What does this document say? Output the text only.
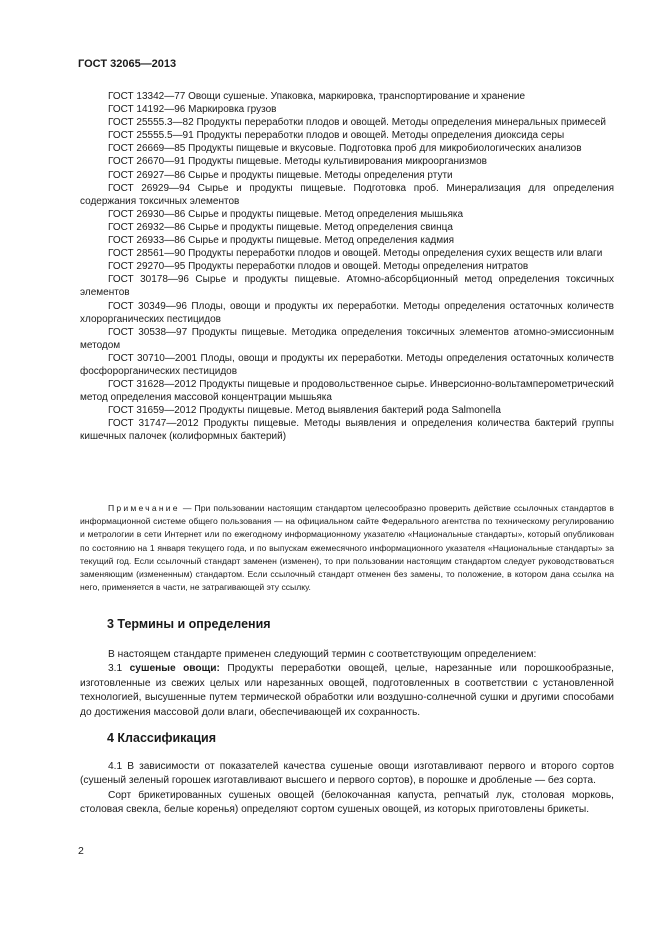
ГОСТ 32065—2013
ГОСТ 13342—77 Овощи сушеные. Упаковка, маркировка, транспортирование и хранение
ГОСТ 14192—96 Маркировка грузов
ГОСТ 25555.3—82 Продукты переработки плодов и овощей. Методы определения минеральных примесей
ГОСТ 25555.5—91 Продукты переработки плодов и овощей. Методы определения диоксида серы
ГОСТ 26669—85 Продукты пищевые и вкусовые. Подготовка проб для микробиологических анализов
ГОСТ 26670—91 Продукты пищевые. Методы культивирования микроорганизмов
ГОСТ 26927—86 Сырье и продукты пищевые. Методы определения ртути
ГОСТ 26929—94 Сырье и продукты пищевые. Подготовка проб. Минерализация для определения содержания токсичных элементов
ГОСТ 26930—86 Сырье и продукты пищевые. Метод определения мышьяка
ГОСТ 26932—86 Сырье и продукты пищевые. Метод определения свинца
ГОСТ 26933—86 Сырье и продукты пищевые. Метод определения кадмия
ГОСТ 28561—90 Продукты переработки плодов и овощей. Методы определения сухих веществ или влаги
ГОСТ 29270—95 Продукты переработки плодов и овощей. Методы определения нитратов
ГОСТ 30178—96 Сырье и продукты пищевые. Атомно-абсорбционный метод определения токсичных элементов
ГОСТ 30349—96 Плоды, овощи и продукты их переработки. Методы определения остаточных количеств хлорорганических пестицидов
ГОСТ 30538—97 Продукты пищевые. Методика определения токсичных элементов атомно-эмиссионным методом
ГОСТ 30710—2001 Плоды, овощи и продукты их переработки. Методы определения остаточных количеств фосфорорганических пестицидов
ГОСТ 31628—2012 Продукты пищевые и продовольственное сырье. Инверсионно-вольтамперометрический метод определения массовой концентрации мышьяка
ГОСТ 31659—2012 Продукты пищевые. Метод выявления бактерий рода Salmonella
ГОСТ 31747—2012 Продукты пищевые. Методы выявления и определения количества бактерий группы кишечных палочек (колиформных бактерий)
Примечание — При пользовании настоящим стандартом целесообразно проверить действие ссылочных стандартов в информационной системе общего пользования — на официальном сайте Федерального агентства по техническому регулированию и метрологии в сети Интернет или по ежегодному информационному указателю «Национальные стандарты», который опубликован по состоянию на 1 января текущего года, и по выпускам ежемесячного информационного указателя «Национальные стандарты» за текущий год. Если ссылочный стандарт заменен (изменен), то при пользовании настоящим стандартом следует руководствоваться заменяющим (измененным) стандартом. Если ссылочный стандарт отменен без замены, то положение, в котором дана ссылка на него, применяется в части, не затрагивающей эту ссылку.
3 Термины и определения

В настоящем стандарте применен следующий термин с соответствующим определением:

3.1 сушеные овощи: Продукты переработки овощей, целые, нарезанные или порошкообразные, изготовленные из свежих целых или нарезанных овощей, подготовленных в соответствии с установленной технологией, высушенные путем термической обработки или воздушно-солнечной сушки и другими способами до достижения массовой доли влаги, обеспечивающей их сохранность.

4 Классификация

4.1 В зависимости от показателей качества сушеные овощи изготавливают первого и второго сортов (сушеный зеленый горошек изготавливают высшего и первого сортов), в порошке и дробленые — без сорта.

Сорт брикетированных сушеных овощей (белокочанная капуста, репчатый лук, столовая морковь, столовая свекла, белые коренья) определяют сортом сушеных овощей, из которых приготовлены брикеты.

2
